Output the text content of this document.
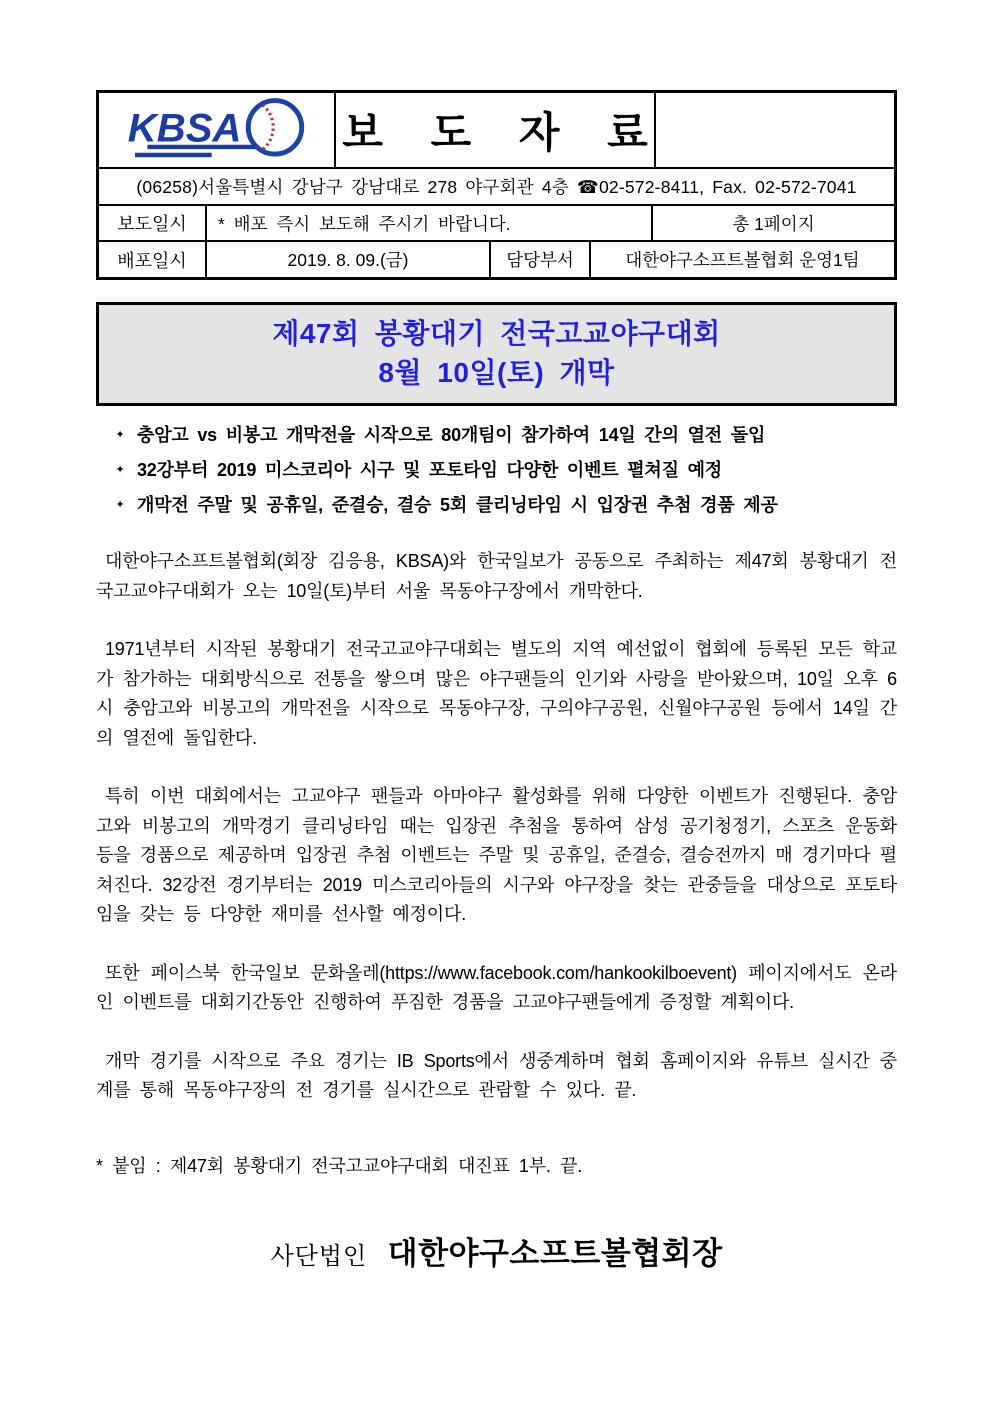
KBSA 보 도 자 료
(06258)서울특별시 강남구 강남대로 278 야구회관 4층 ☎02-572-8411, Fax. 02-572-7041
보도일시	* 배포 즉시 보도해 주시기 바랍니다.	총 1페이지
배포일시	2019. 8. 09.(금)	담당부서	대한야구소프트볼협회 운영1팀
제47회 봉황대기 전국고교야구대회
8월 10일(토) 개막
✦ 충암고 vs 비봉고 개막전을 시작으로 80개팀이 참가하여 14일 간의 열전 돌입
✦ 32강부터 2019 미스코리아 시구 및 포토타임 다양한 이벤트 펼쳐질 예정
✦ 개막전 주말 및 공휴일, 준결승, 결승 5회 클리닝타임 시 입장권 추첨 경품 제공

대한야구소프트볼협회(회장 김응용, KBSA)와 한국일보가 공동으로 주최하는 제47회 봉황대기 전국고교야구대회가 오는 10일(토)부터 서울 목동야구장에서 개막한다.

1971년부터 시작된 봉황대기 전국고교야구대회는 별도의 지역 예선없이 협회에 등록된 모든 학교가 참가하는 대회방식으로 전통을 쌓으며 많은 야구팬들의 인기와 사랑을 받아왔으며, 10일 오후 6시 충암고와 비봉고의 개막전을 시작으로 목동야구장, 구의야구공원, 신월야구공원 등에서 14일 간의 열전에 돌입한다.

특히 이번 대회에서는 고교야구 팬들과 아마야구 활성화를 위해 다양한 이벤트가 진행된다. 충암고와 비봉고의 개막경기 클리닝타임 때는 입장권 추첨을 통하여 삼성 공기청정기, 스포츠 운동화 등을 경품으로 제공하며 입장권 추첨 이벤트는 주말 및 공휴일, 준결승, 결승전까지 매 경기마다 펼쳐진다. 32강전 경기부터는 2019 미스코리아들의 시구와 야구장을 찾는 관중들을 대상으로 포토타임을 갖는 등 다양한 재미를 선사할 예정이다.

또한 페이스북 한국일보 문화올레(https://www.facebook.com/hankookilboevent) 페이지에서도 온라인 이벤트를 대회기간동안 진행하여 푸짐한 경품을 고교야구팬들에게 증정할 계획이다.

개막 경기를 시작으로 주요 경기는 IB Sports에서 생중계하며 협회 홈페이지와 유튜브 실시간 중계를 통해 목동야구장의 전 경기를 실시간으로 관람할 수 있다. 끝.

* 붙임 : 제47회 봉황대기 전국고교야구대회 대진표 1부. 끝.
사단법인 대한야구소프트볼협회장
